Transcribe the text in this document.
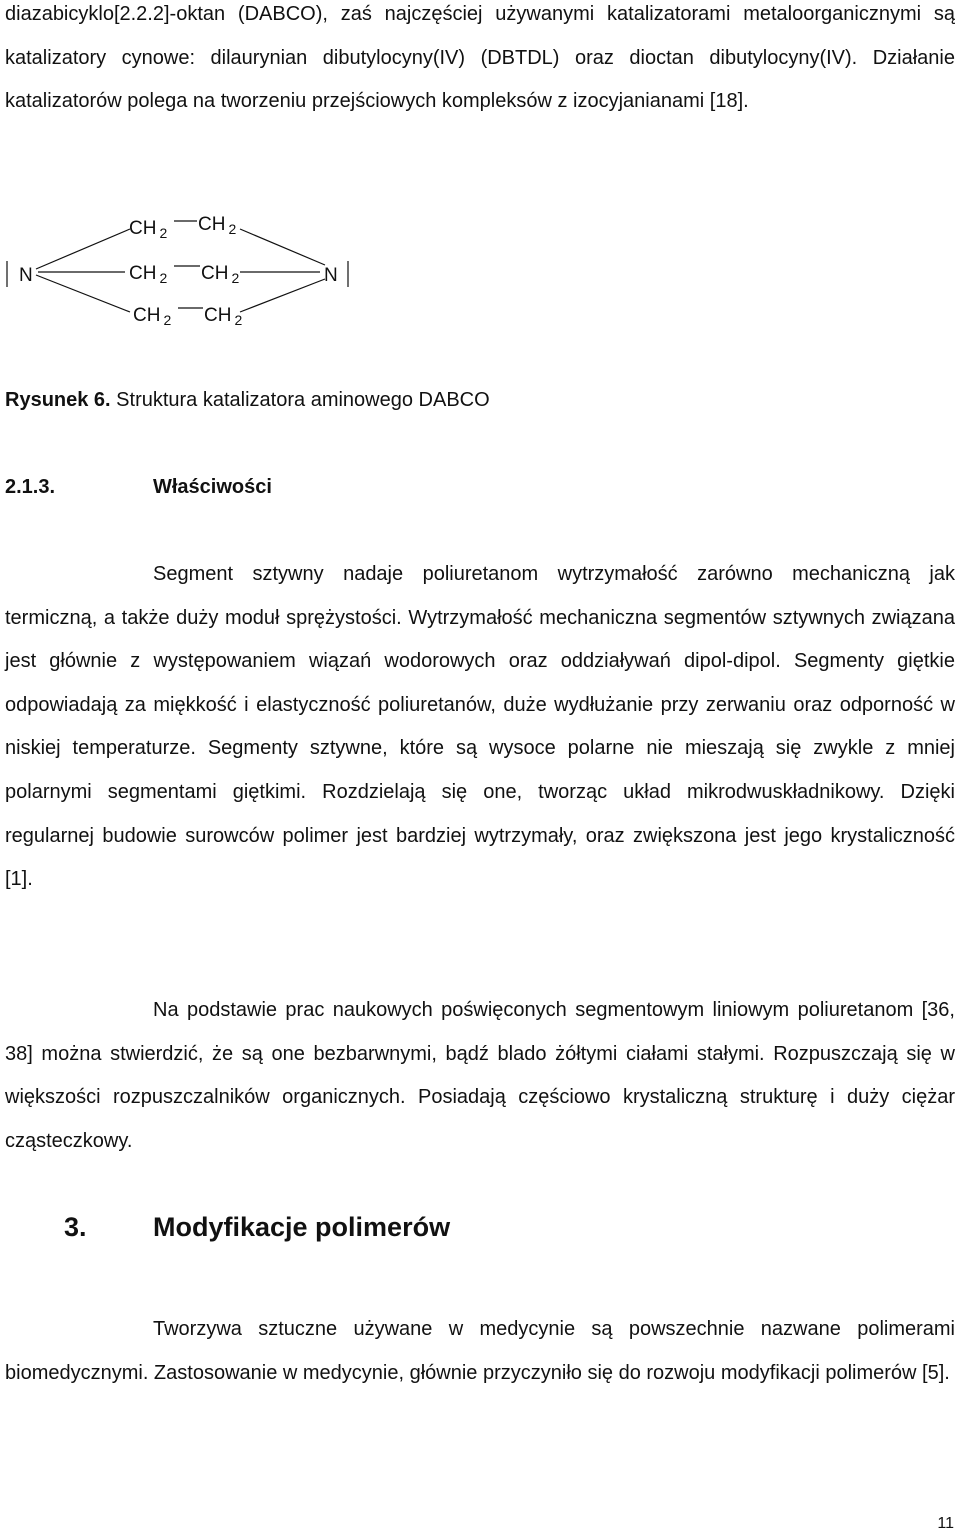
diazabicyklo[2.2.2]-oktan (DABCO), zaś najczęściej używanymi katalizatorami metaloorganicznymi są katalizatory cynowe: dilaurynian dibutylocyny(IV) (DBTDL) oraz dioctan dibutylocyny(IV). Działanie katalizatorów polega na tworzeniu przejściowych kompleksów z izocyjanianami [18].

N	N
CH $_2$ CH $_2$
CH $_2$ CH $_2$
CH $_2$ CH $_2$

Rysunek 6. Struktura katalizatora aminowego DABCO

2.1.3.	Właściwości

Segment sztywny nadaje poliuretanom wytrzymałość zarówno mechaniczną jak termiczną, a także duży moduł sprężystości. Wytrzymałość mechaniczna segmentów sztywnych związana jest głównie z występowaniem wiązań wodorowych oraz oddziaływań dipol-dipol. Segmenty giętkie odpowiadają za miękkość i elastyczność poliuretanów, duże wydłużanie przy zerwaniu oraz odporność w niskiej temperaturze. Segmenty sztywne, które są wysoce polarne nie mieszają się zwykle z mniej polarnymi segmentami giętkimi. Rozdzielają się one, tworząc układ mikrodwuskładnikowy. Dzięki regularnej budowie surowców polimer jest bardziej wytrzymały, oraz zwiększona jest jego krystaliczność [1].

Na podstawie prac naukowych poświęconych segmentowym liniowym poliuretanom [36, 38] można stwierdzić, że są one bezbarwnymi, bądź blado żółtymi ciałami stałymi. Rozpuszczają się w większości rozpuszczalników organicznych. Posiadają częściowo krystaliczną strukturę i duży ciężar cząsteczkowy.

3. Modyfikacje polimerów

Tworzywa sztuczne używane w medycynie są powszechnie nazwane polimerami biomedycznymi. Zastosowanie w medycynie, głównie przyczyniło się do rozwoju modyfikacji polimerów [5].

11
